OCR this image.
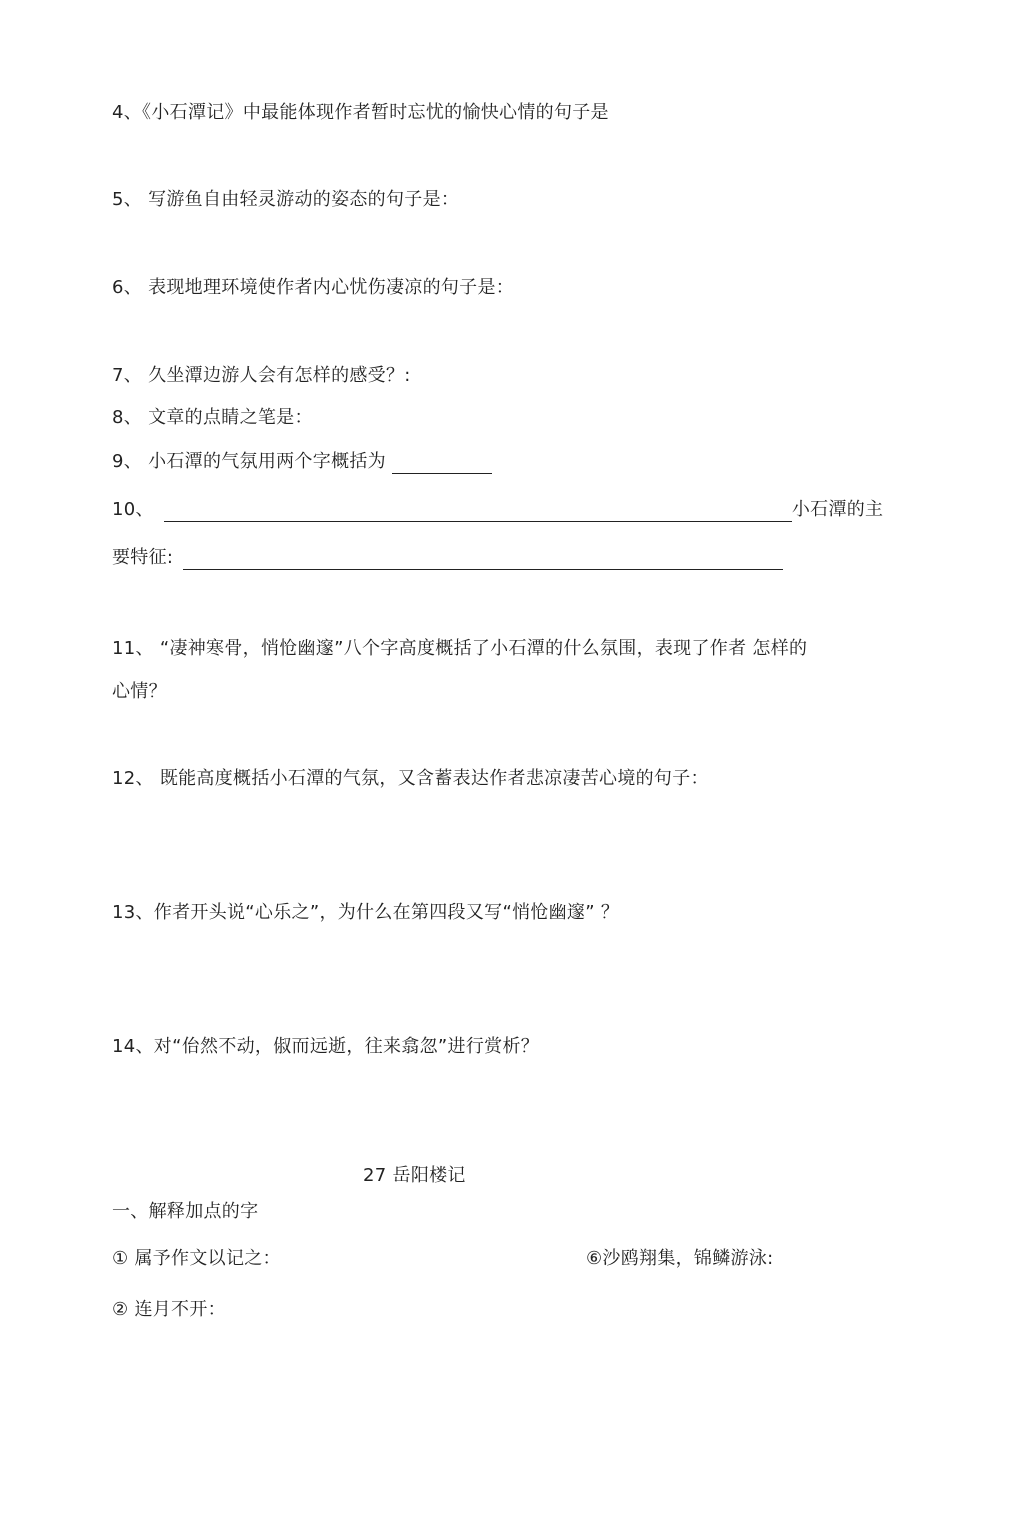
4、《小石潭记》中最能体现作者暂时忘忧的愉快心情的句子是
5、 写游鱼自由轻灵游动的姿态的句子是：
6、 表现地理环境使作者内心忧伤凄凉的句子是：
7、 久坐潭边游人会有怎样的感受？:
8、 文章的点睛之笔是：
9、 小石潭的气氛用两个字概括为
10、	小石潭的主
要特征:
11、 “凄神寒骨，悄怆幽邃”八个字高度概括了小石潭的什么氛围，表现了作者 怎样的
心情？
12、 既能高度概括小石潭的气氛，又含蓄表达作者悲凉凄苦心境的句子：
13、作者开头说“心乐之”，为什么在第四段又写“悄怆幽邃” ？
14、对“佁然不动，俶而远逝，往来翕忽”进行赏析？
27 岳阳楼记
一、解释加点的字
① 属予作文以记之：	⑥沙鸥翔集，锦鳞游泳:
② 连月不开：
